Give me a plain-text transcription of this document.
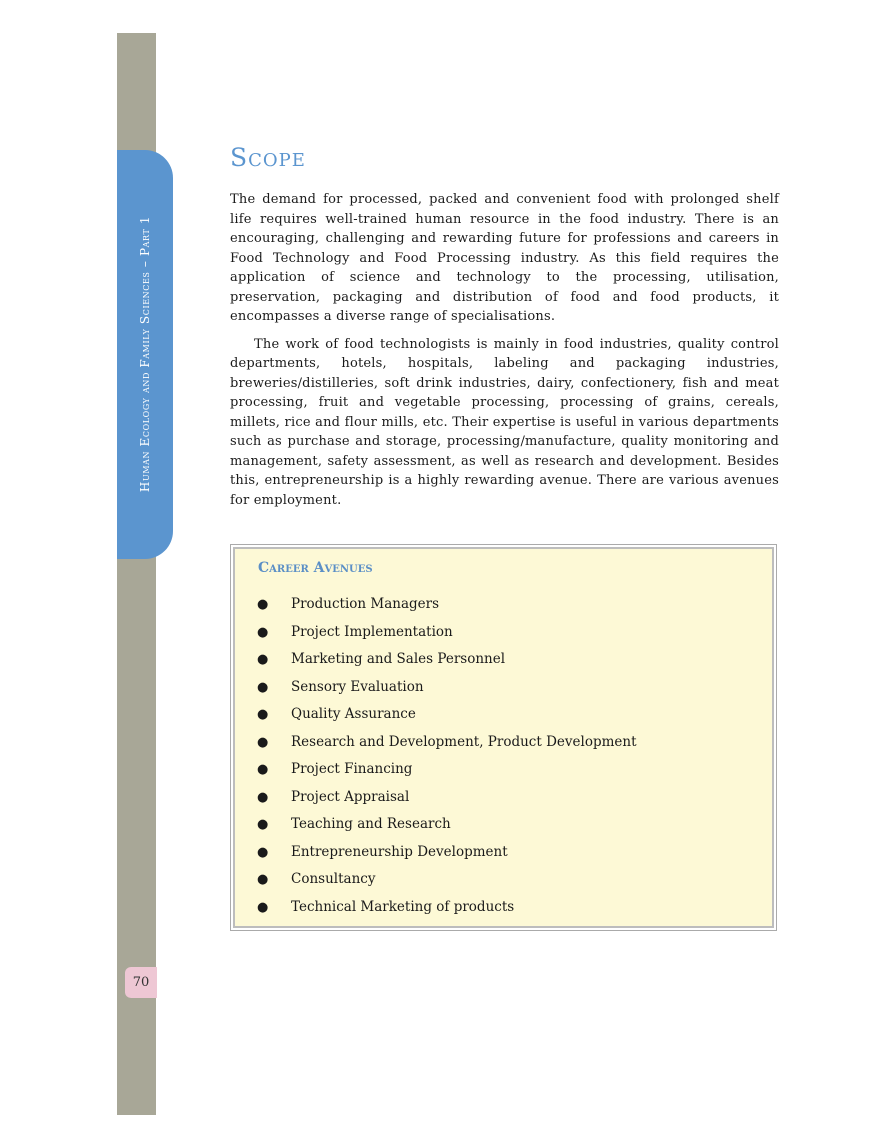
Human Ecology and Family Sciences – Part 1
70
Scope

The demand for processed, packed and convenient food with prolonged shelf life requires well-trained human resource in the food industry. There is an encouraging, challenging and rewarding future for professions and careers in Food Technology and Food Processing industry. As this field requires the application of science and technology to the processing, utilisation, preservation, packaging and distribution of food and food products, it encompasses a diverse range of specialisations.

The work of food technologists is mainly in food industries, quality control departments, hotels, hospitals, labeling and packaging industries, breweries/distilleries, soft drink industries, dairy, confectionery, fish and meat processing, fruit and vegetable processing, processing of grains, cereals, millets, rice and flour mills, etc. Their expertise is useful in various departments such as purchase and storage, processing/manufacture, quality monitoring and management, safety assessment, as well as research and development. Besides this, entrepreneurship is a highly rewarding avenue. There are various avenues for employment.

Career Avenues
● Production Managers
● Project Implementation
● Marketing and Sales Personnel
● Sensory Evaluation
● Quality Assurance
● Research and Development, Product Development
● Project Financing
● Project Appraisal
● Teaching and Research
● Entrepreneurship Development
● Consultancy
● Technical Marketing of products
